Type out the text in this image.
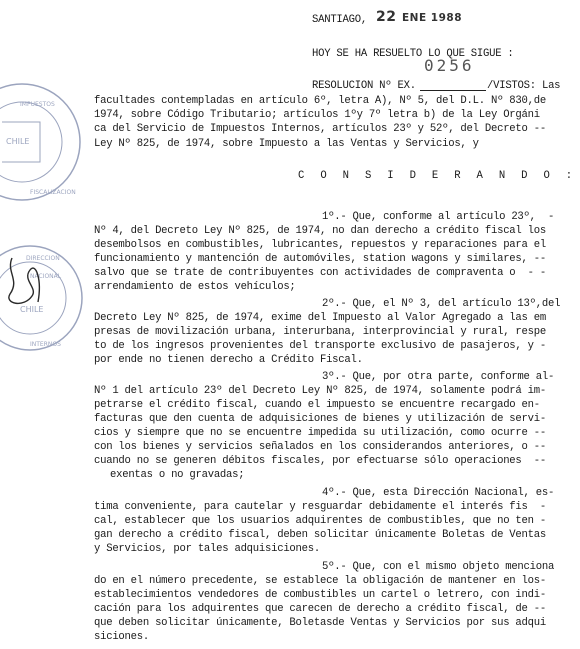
IMPUESTOS
FISCALIZACION
CHILE
DIRECCION
NACIONAL
CHILE
INTERNOS
SANTIAGO, 22 ENE 1988
HOY SE HA RESUELTO LO QUE SIGUE :
0256
RESOLUCION Nº EX.	/VISTOS: Las
facultades contempladas en artículo 6º, letra A), Nº 5, del D.L. Nº 830,de
1974, sobre Código Tributario; artículos 1ºy 7º letra b) de la Ley Orgáni
ca del Servicio de Impuestos Internos, artículos 23º y 52º, del Decreto --
Ley Nº 825, de 1974, sobre Impuesto a las Ventas y Servicios, y
C O N S I D E R A N D O :
1º.- Que, conforme al artículo 23º,  -
Nº 4, del Decreto Ley Nº 825, de 1974, no dan derecho a crédito fiscal los
desembolsos en combustibles, lubricantes, repuestos y reparaciones para el
funcionamiento y mantención de automóviles, station wagons y similares, --
salvo que se trate de contribuyentes con actividades de compraventa o  - -
arrendamiento de estos vehículos;
2º.- Que, el Nº 3, del artículo 13º,del
Decreto Ley Nº 825, de 1974, exime del Impuesto al Valor Agregado a las em
presas de movilización urbana, interurbana, interprovincial y rural, respe
to de los ingresos provenientes del transporte exclusivo de pasajeros, y -
por ende no tienen derecho a Crédito Fiscal.
3º.- Que, por otra parte, conforme al-
Nº 1 del artículo 23º del Decreto Ley Nº 825, de 1974, solamente podrá im-
petrarse el crédito fiscal, cuando el impuesto se encuentre recargado en-
facturas que den cuenta de adquisiciones de bienes y utilización de servi-
cios y siempre que no se encuentre impedida su utilización, como ocurre --
con los bienes y servicios señalados en los considerandos anteriores, o --
cuando no se generen débitos fiscales, por efectuarse sólo operaciones  --
exentas o no gravadas;
4º.- Que, esta Dirección Nacional, es-
tima conveniente, para cautelar y resguardar debidamente el interés fis  -
cal, establecer que los usuarios adquirentes de combustibles, que no ten -
gan derecho a crédito fiscal, deben solicitar únicamente Boletas de Ventas
y Servicios, por tales adquisiciones.
5º.- Que, con el mismo objeto menciona
do en el número precedente, se establece la obligación de mantener en los-
establecimientos vendedores de combustibles un cartel o letrero, con indi-
cación para los adquirentes que carecen de derecho a crédito fiscal, de --
que deben solicitar únicamente, Boletasde Ventas y Servicios por sus adqui
siciones.
